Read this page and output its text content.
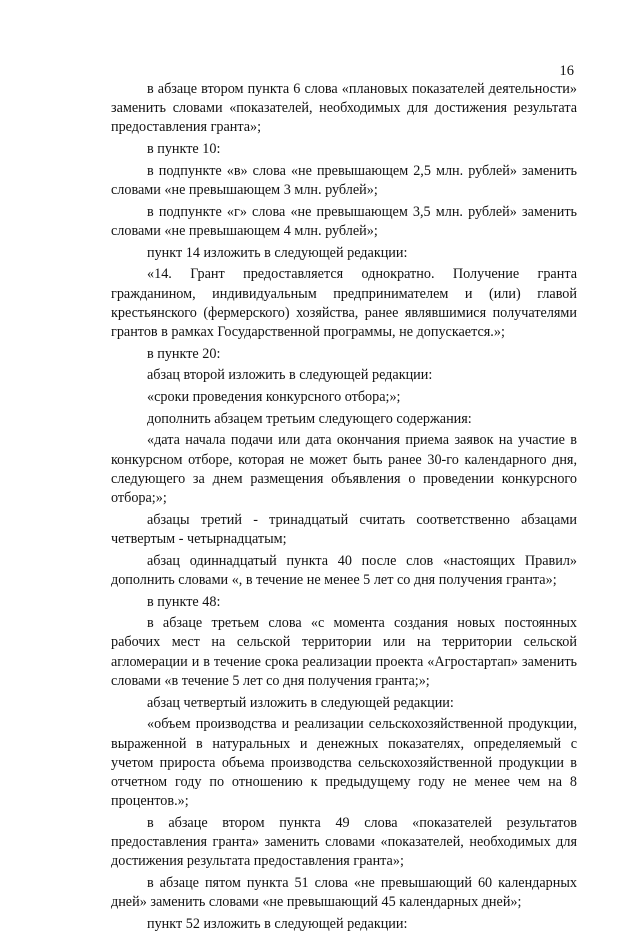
16

в абзаце втором пункта 6 слова «плановых показателей деятельности» заменить словами «показателей, необходимых для достижения результата предоставления гранта»;

в пункте 10:

в подпункте «в» слова «не превышающем 2,5 млн. рублей» заменить словами «не превышающем 3 млн. рублей»;

в подпункте «г» слова «не превышающем 3,5 млн. рублей» заменить словами «не превышающем 4 млн. рублей»;

пункт 14 изложить в следующей редакции:

«14. Грант предоставляется однократно. Получение гранта гражданином, индивидуальным предпринимателем и (или) главой крестьянского (фермерского) хозяйства, ранее являвшимися получателями грантов в рамках Государственной программы, не допускается.»;

в пункте 20:

абзац второй изложить в следующей редакции:

«сроки проведения конкурсного отбора;»;

дополнить абзацем третьим следующего содержания:

«дата начала подачи или дата окончания приема заявок на участие в конкурсном отборе, которая не может быть ранее 30-го календарного дня, следующего за днем размещения объявления о проведении конкурсного отбора;»;

абзацы третий - тринадцатый считать соответственно абзацами четвертым - четырнадцатым;

абзац одиннадцатый пункта 40 после слов «настоящих Правил» дополнить словами «, в течение не менее 5 лет со дня получения гранта»;

в пункте 48:

в абзаце третьем слова «с момента создания новых постоянных рабочих мест на сельской территории или на территории сельской агломерации и в течение срока реализации проекта «Агростартап» заменить словами «в течение 5 лет со дня получения гранта;»;

абзац четвертый изложить в следующей редакции:

«объем производства и реализации сельскохозяйственной продукции, выраженной в натуральных и денежных показателях, определяемый с учетом прироста объема производства сельскохозяйственной продукции в отчетном году по отношению к предыдущему году не менее чем на 8 процентов.»;

в абзаце втором пункта 49 слова «показателей результатов предоставления гранта» заменить словами «показателей, необходимых для достижения результата предоставления гранта»;

в абзаце пятом пункта 51 слова «не превышающий 60 календарных дней» заменить словами «не превышающий 45 календарных дней»;

пункт 52 изложить в следующей редакции:
